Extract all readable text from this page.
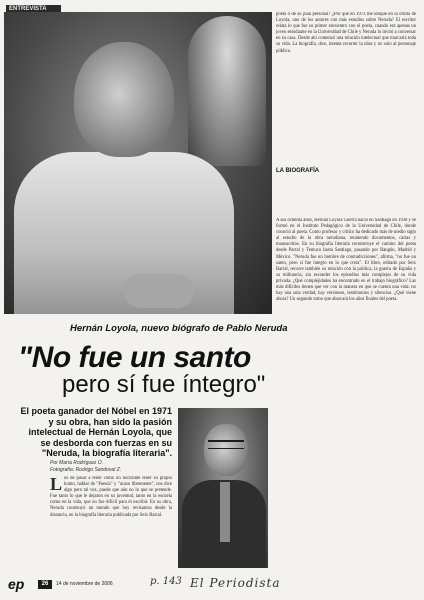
ENTREVISTA
poeta o de su plan personal? ¿Por qué en 1973 me ubiqué en la órbita de Loyola, uno de los autores con más estudios sobre Neruda? El escritor relata lo que fue su primer encuentro con el poeta, cuando era apenas un joven estudiante en la Universidad de Chile y Neruda lo invitó a conversar en su casa. Desde ahí comenzó una relación intelectual que marcaría toda su vida. La biografía, dice, intenta recorrer la obra y no solo al personaje público.
LA BIOGRAFÍA
A sus ochenta años, Hernán Loyola Guerra nació en Santiago en 1930 y se formó en el Instituto Pedagógico de la Universidad de Chile, donde conoció al poeta. Como profesor y crítico ha dedicado más de medio siglo al estudio de la obra nerudiana, reuniendo documentos, cartas y manuscritos. En su biografía literaria reconstruye el camino del poeta desde Parral y Temuco hasta Santiago, pasando por Rangún, Madrid y México. "Neruda fue un hombre de contradicciones", afirma, "no fue un santo, pero sí fue íntegro en lo que creía". El libro, editado por Seix Barral, recorre también su relación con la política, la guerra de España y su militancia, sin esconder los episodios más complejos de su vida privada. ¿Qué complejidades ha encontrado en el trabajo biográfico? Las más difíciles tienen que ver con la manera en que se cuenta una vida: no hay una sola verdad, hay versiones, testimonios y silencios. ¿Qué viene ahora? Un segundo tomo que abarcará los años finales del poeta.
Hernán Loyola, nuevo biógrafo de Pablo Neruda
"No fue un santo
pero sí fue íntegro"
El poeta ganador del Nóbel en 1971 y su obra, han sido la pasión intelectual de Hernán Loyola, que se desborda con fuerzas en su "Neruda, la biografía literaria".
Por María Rodríguez O.
Fotografía: Rodrigo Sandoval Z.
Los de pasar a tener como un horizonte tener su propio humo, hablar de "Poesía" y "acaso libremente", nos dice algo pero tal vez, puede que aún no lo que se pretende. Fue tanto lo que le dejaron en su juventud, tanto en la escuela como en la vida, que no fue difícil para él escribir. En su obra, Neruda construyó un mundo que hoy revisamos desde la distancia, en la biografía literaria publicada por Seix Barral.
ep	26	14 de noviembre de 2006	p. 143 El Periodista
